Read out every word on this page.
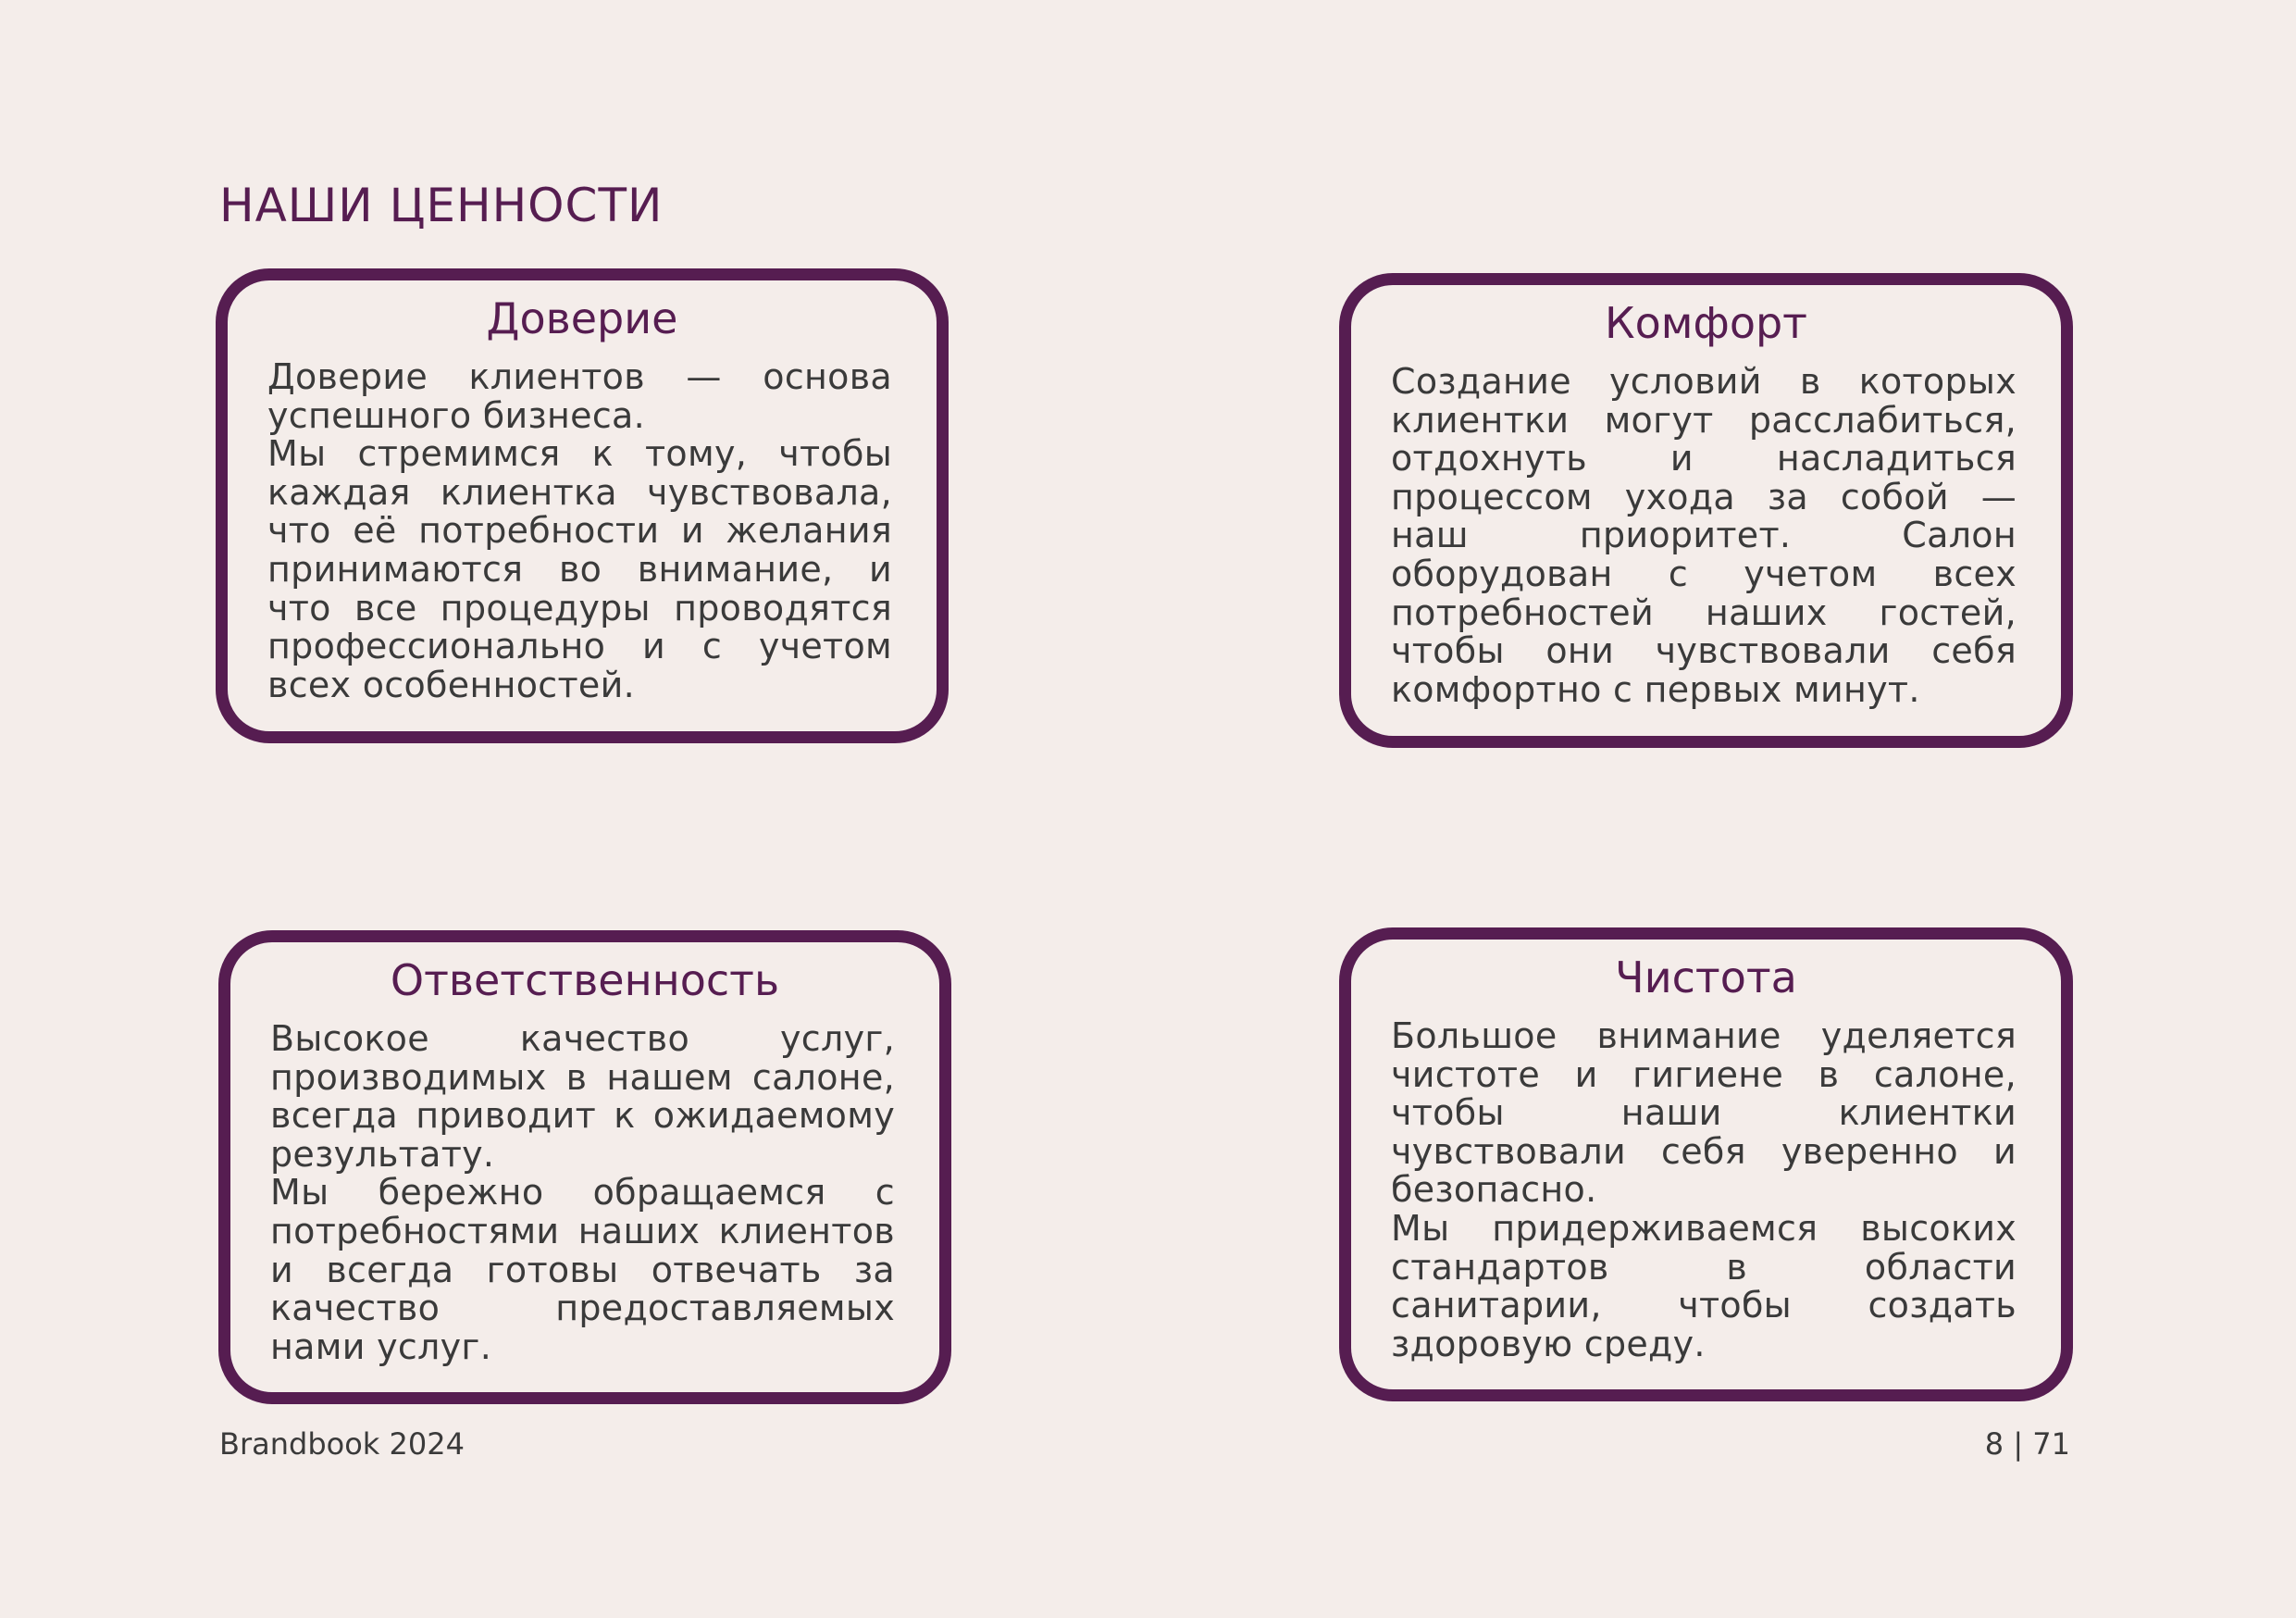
НАШИ ЦЕННОСТИ
Доверие

Доверие клиентов — основа успешного бизнеса.

Мы стремимся к тому, чтобы каждая клиентка чувствовала, что её потребности и желания принимаются во внимание, и что все процедуры проводятся профессионально и с учетом всех особенностей.

Комфорт

Создание условий в которых клиентки могут расслабиться, отдохнуть и насладиться процессом ухода за собой — наш приоритет. Салон оборудован с учетом всех потребностей наших гостей, чтобы они чувствовали себя комфортно с первых минут.

Ответственность

Высокое качество услуг, производимых в нашем салоне, всегда приводит к ожидаемому результату.

Мы бережно обращаемся с потребностями наших клиентов и всегда готовы отвечать за качество предоставляемых нами услуг.

Чистота

Большое внимание уделяется чистоте и гигиене в салоне, чтобы наши клиентки чувствовали себя уверенно и безопасно.

Мы придерживаемся высоких стандартов в области санитарии, чтобы создать здоровую среду.

Brandbook 2024	8 | 71
